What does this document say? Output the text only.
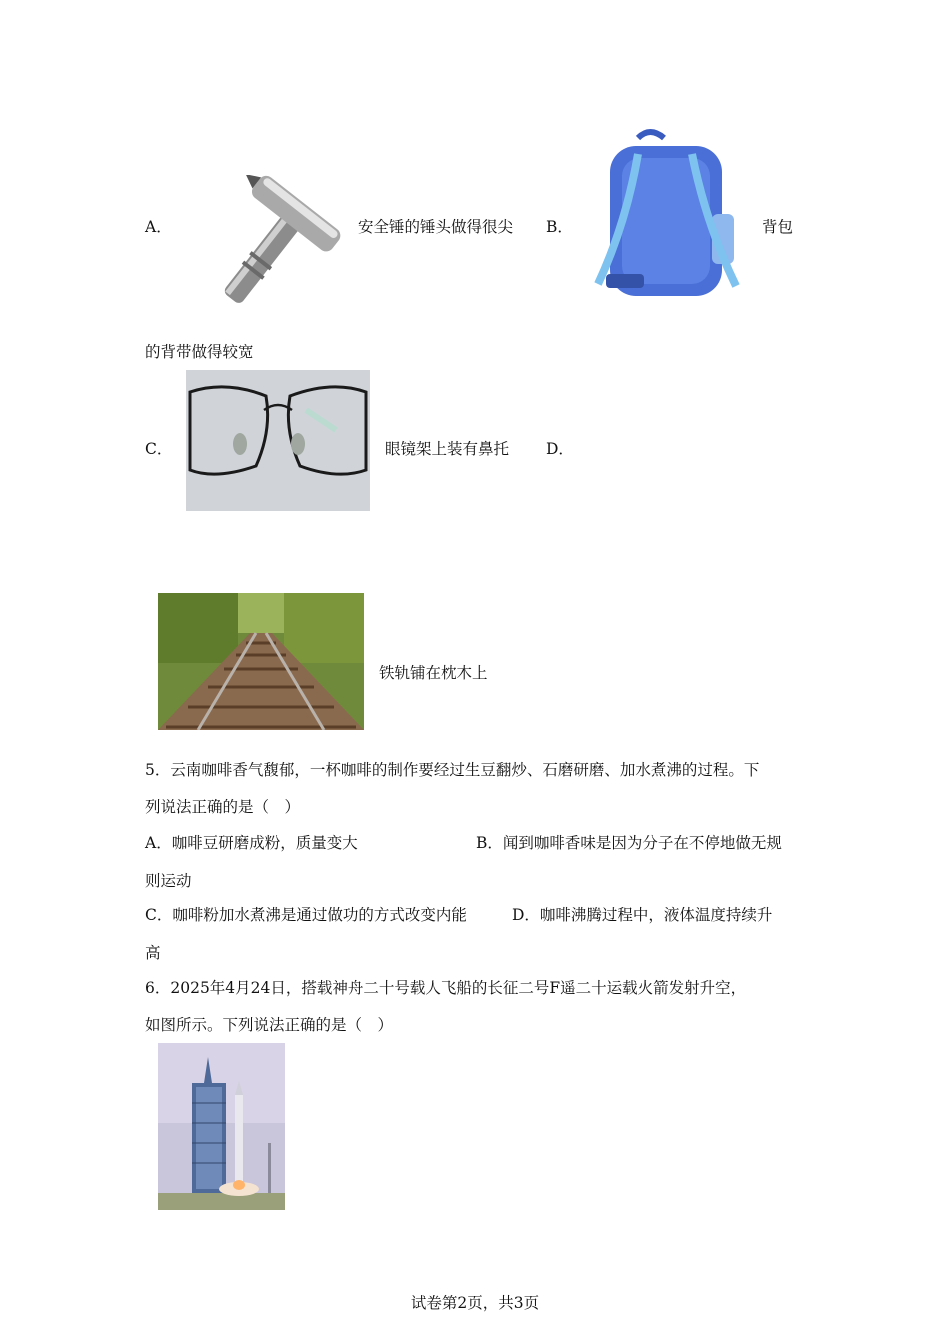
A．	安全锤的锤头做得很尖 B．	背包
的背带做得较宽
C．	眼镜架上装有鼻托 D．
铁轨铺在枕木上
5．云南咖啡香气馥郁，一杯咖啡的制作要经过生豆翻炒、石磨研磨、加水煮沸的过程。下
列说法正确的是（　）
A．咖啡豆研磨成粉，质量变大	B．闻到咖啡香味是因为分子在不停地做无规
则运动
C．咖啡粉加水煮沸是通过做功的方式改变内能	D．咖啡沸腾过程中，液体温度持续升
高
6．2025年4月24日，搭载神舟二十号载人飞船的长征二号F遥二十运载火箭发射升空，
如图所示。下列说法正确的是（　）
试卷第2页，共3页
